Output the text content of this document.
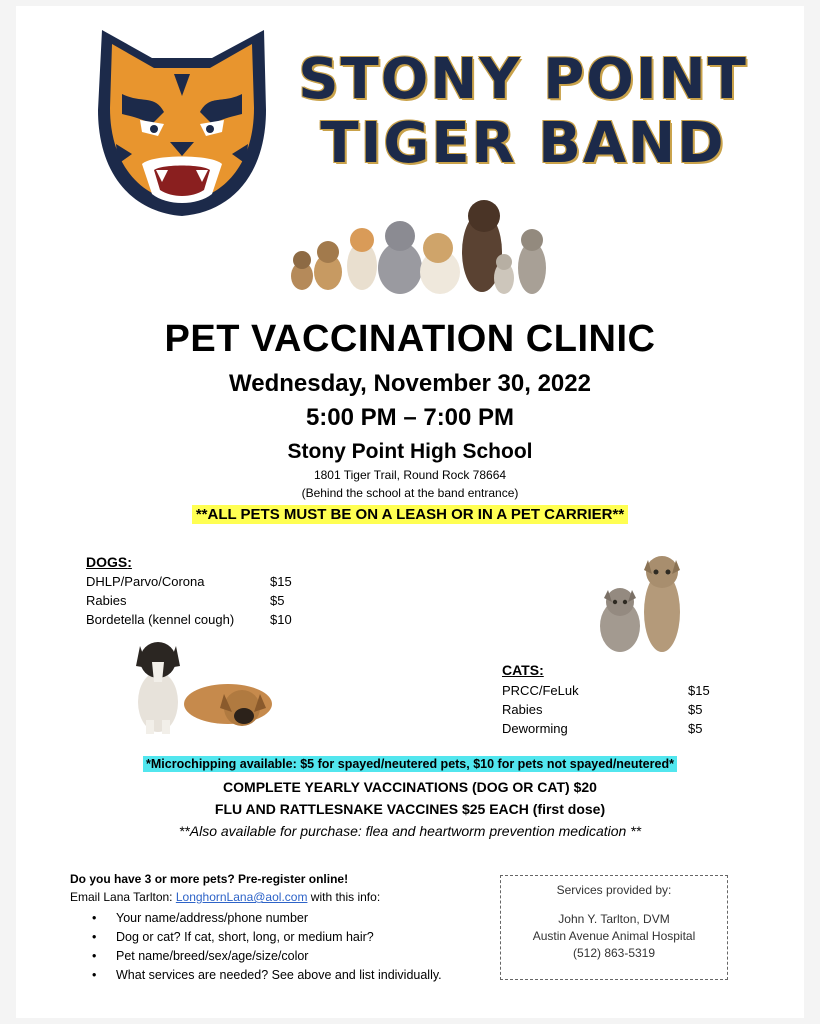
STONY POINT
TIGER BAND
PET VACCINATION CLINIC
Wednesday, November 30, 2022
5:00 PM – 7:00 PM
Stony Point High School
1801 Tiger Trail, Round Rock 78664
(Behind the school at the band entrance)
**ALL PETS MUST BE ON A LEASH OR IN A PET CARRIER**
DOGS:
DHLP/Parvo/Corona	$15
Rabies	$5
Bordetella (kennel cough)	$10
CATS:
PRCC/FeLuk	$15
Rabies	$5
Deworming	$5
*Microchipping available: $5 for spayed/neutered pets, $10 for pets not spayed/neutered*
COMPLETE YEARLY VACCINATIONS (DOG OR CAT) $20
FLU AND RATTLESNAKE VACCINES $25 EACH (first dose)
**Also available for purchase: flea and heartworm prevention medication **
Do you have 3 or more pets? Pre-register online!
Email Lana Tarlton: LonghornLana@aol.com with this info:
• Your name/address/phone number
• Dog or cat? If cat, short, long, or medium hair?
• Pet name/breed/sex/age/size/color
• What services are needed? See above and list individually.
Services provided by:
John Y. Tarlton, DVM
Austin Avenue Animal Hospital
(512) 863-5319
